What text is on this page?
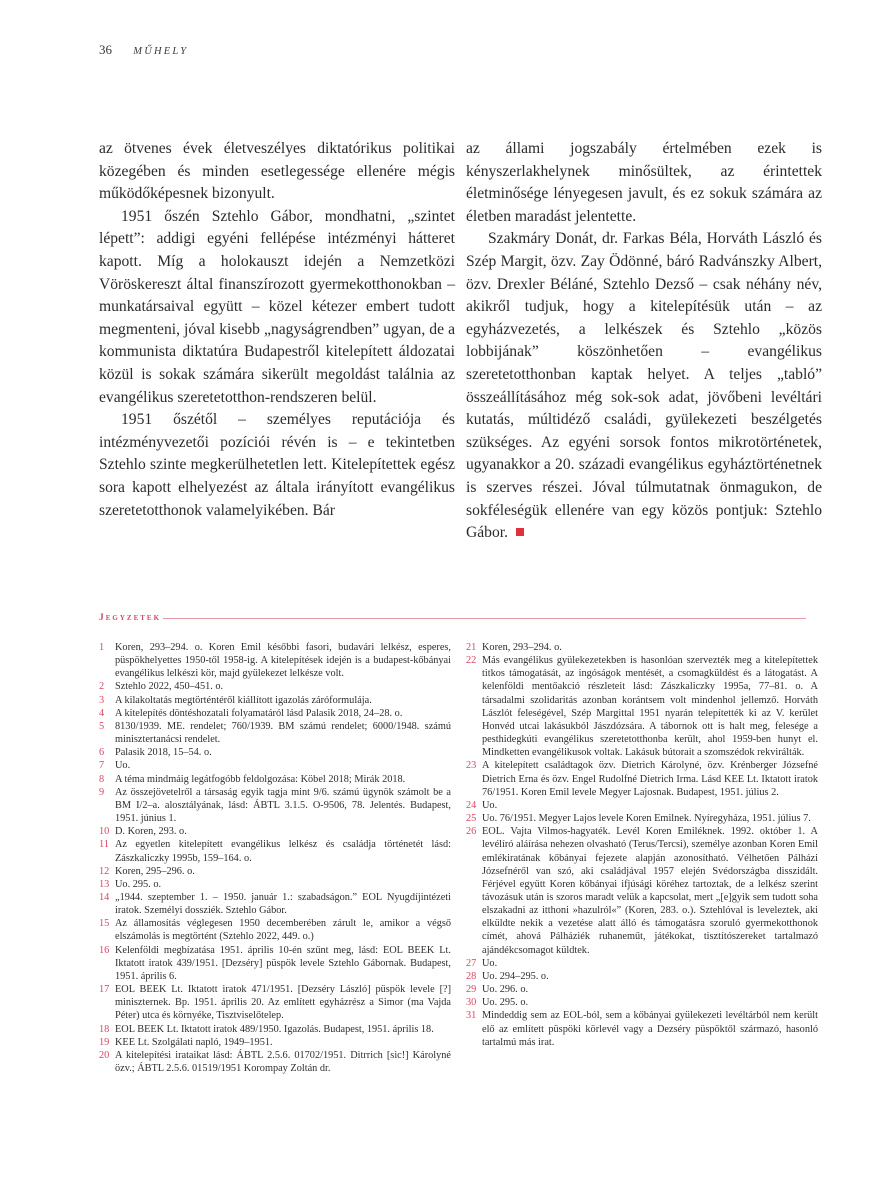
36 MŰHELY

az ötvenes évek életveszélyes diktatórikus politikai közegében és minden esetlegessége ellenére mégis működőképesnek bizonyult.

1951 őszén Sztehlo Gábor, mondhatni, „szintet lépett”: addigi egyéni fellépése intézményi hátteret kapott. Míg a holokauszt idején a Nemzetközi Vöröskereszt által finanszírozott gyermekotthonokban – munkatársaival együtt – közel kétezer embert tudott megmenteni, jóval kisebb „nagyságrendben” ugyan, de a kommunista diktatúra Budapestről kitelepített áldozatai közül is sokak számára sikerült megoldást találnia az evangélikus szeretetotthon-rendszeren belül.

1951 őszétől – személyes reputációja és intézményvezetői pozíciói révén is – e tekintetben Sztehlo szinte megkerülhetetlen lett. Kitelepítettek egész sora kapott elhelyezést az általa irányított evangélikus szeretetotthonok valamelyikében. Bár

az állami jogszabály értelmében ezek is kényszerlakhelynek minősültek, az érintettek életminősége lényegesen javult, és ez sokuk számára az életben maradást jelentette.

Szakmáry Donát, dr. Farkas Béla, Horváth László és Szép Margit, özv. Zay Ödönné, báró Radvánszky Albert, özv. Drexler Béláné, Sztehlo Dezső – csak néhány név, akikről tudjuk, hogy a kitelepítésük után – az egyházvezetés, a lelkészek és Sztehlo „közös lobbijának” köszönhetően – evangélikus szeretetotthonban kaptak helyet. A teljes „tabló” összeállításához még sok-sok adat, jövőbeni levéltári kutatás, múltidéző családi, gyülekezeti beszélgetés szükséges. Az egyéni sorsok fontos mikrotörténetek, ugyanakkor a 20. századi evangélikus egyháztörténetnek is szerves részei. Jóval túlmutatnak önmagukon, de sokféleségük ellenére van egy közös pontjuk: Sztehlo Gábor.

Jegyzetek
1	Koren, 293–294. o. Koren Emil későbbi fasori, budavári lelkész, esperes, püspökhelyettes 1950-től 1958-ig. A kitelepítések idején is a budapest-kőbányai evangélikus lelkészi kör, majd gyülekezet lelkésze volt.
2	Sztehlo 2022, 450–451. o.
3	A kilakoltatás megtörténtéről kiállított igazolás záróformulája.
4	A kitelepítés döntéshozatali folyamatáról lásd Palasik 2018, 24–28. o.
5	8130/1939. ME. rendelet; 760/1939. BM számú rendelet; 6000/1948. számú minisztertanácsi rendelet.
6	Palasik 2018, 15–54. o.
7	Uo.
8	A téma mindmáig legátfogóbb feldolgozása: Köbel 2018; Mirák 2018.
9	Az összejövetelről a társaság egyik tagja mint 9/6. számú ügynök számolt be a BM I/2–a. alosztályának, lásd: ÁBTL 3.1.5. O-9506, 78. Jelentés. Budapest, 1951. június 1.
10 D. Koren, 293. o.
11 Az egyetlen kitelepített evangélikus lelkész és családja történetét lásd: Zászkaliczky 1995b, 159–164. o.
12 Koren, 295–296. o.
13 Uo. 295. o.
14 „1944. szeptember 1. – 1950. január 1.: szabadságon.” EOL Nyugdíjintézeti iratok. Személyi dossziék. Sztehlo Gábor.
15 Az államosítás véglegesen 1950 decemberében zárult le, amikor a végső elszámolás is megtörtént (Sztehlo 2022, 449. o.)
16 Kelenföldi megbízatása 1951. április 10-én szűnt meg, lásd: EOL BEEK Lt. Iktatott iratok 439/1951. [Dezséry] püspök levele Sztehlo Gábornak. Budapest, 1951. április 6.
17 EOL BEEK Lt. Iktatott iratok 471/1951. [Dezséry László] püspök levele [?] miniszternek. Bp. 1951. április 20. Az említett egyházrész a Simor (ma Vajda Péter) utca és környéke, Tisztviselőtelep.
18 EOL BEEK Lt. Iktatott iratok 489/1950. Igazolás. Budapest, 1951. április 18.
19 KEE Lt. Szolgálati napló, 1949–1951.
20 A kitelepítési irataikat lásd: ÁBTL 2.5.6. 01702/1951. Ditrrich [sic!] Károlyné özv.; ÁBTL 2.5.6. 01519/1951 Korompay Zoltán dr.
21 Koren, 293–294. o.
22 Más evangélikus gyülekezetekben is hasonlóan szervezték meg a kitelepítettek titkos támogatását, az ingóságok mentését, a csomagküldést és a látogatást. A kelenföldi mentőakció részleteit lásd: Zászkaliczky 1995a, 77–81. o. A társadalmi szolidaritás azonban korántsem volt mindenhol jellemző. Horváth Lászlót feleségével, Szép Margittal 1951 nyarán telepítették ki az V. kerület Honvéd utcai lakásukból Jászdózsára. A tábornok ott is halt meg, felesége a pesthidegkúti evangélikus szeretetotthonba került, ahol 1959-ben hunyt el. Mindketten evangélikusok voltak. Lakásuk bútorait a szomszédok rekvirálták.
23 A kitelepített családtagok özv. Dietrich Károlyné, özv. Krénberger Józsefné Dietrich Erna és özv. Engel Rudolfné Dietrich Irma. Lásd KEE Lt. Iktatott iratok 76/1951. Koren Emil levele Megyer Lajosnak. Budapest, 1951. július 2.
24 Uo.
25 Uo. 76/1951. Megyer Lajos levele Koren Emilnek. Nyíregyháza, 1951. július 7.
26 EOL. Vajta Vilmos-hagyaték. Levél Koren Emiléknek. 1992. október 1. A levélíró aláírása nehezen olvasható (Terus/Tercsi), személye azonban Koren Emil emlékiratának kőbányai fejezete alapján azonosítható. Vélhetően Pálházi Józsefnéről van szó, aki családjával 1957 elején Svédországba disszidált. Férjével együtt Koren kőbányai ifjúsági köréhez tartoztak, de a lelkész szerint távozásuk után is szoros maradt velük a kapcsolat, mert „[e]gyik sem tudott soha elszakadni az itthoni »hazulról«” (Koren, 283. o.). Sztehlóval is leveleztek, aki elküldte nekik a vezetése alatt álló és támogatásra szoruló gyermekotthonok címét, ahová Pálháziék ruhaneműt, játékokat, tisztítószereket tartalmazó ajándékcsomagot küldtek.
27 Uo.
28 Uo. 294–295. o.
29 Uo. 296. o.
30 Uo. 295. o.
31 Mindeddig sem az EOL-ból, sem a kőbányai gyülekezeti levéltárból nem került elő az említett püspöki körlevél vagy a Dezséry püspöktől származó, hasonló tartalmú más irat.
